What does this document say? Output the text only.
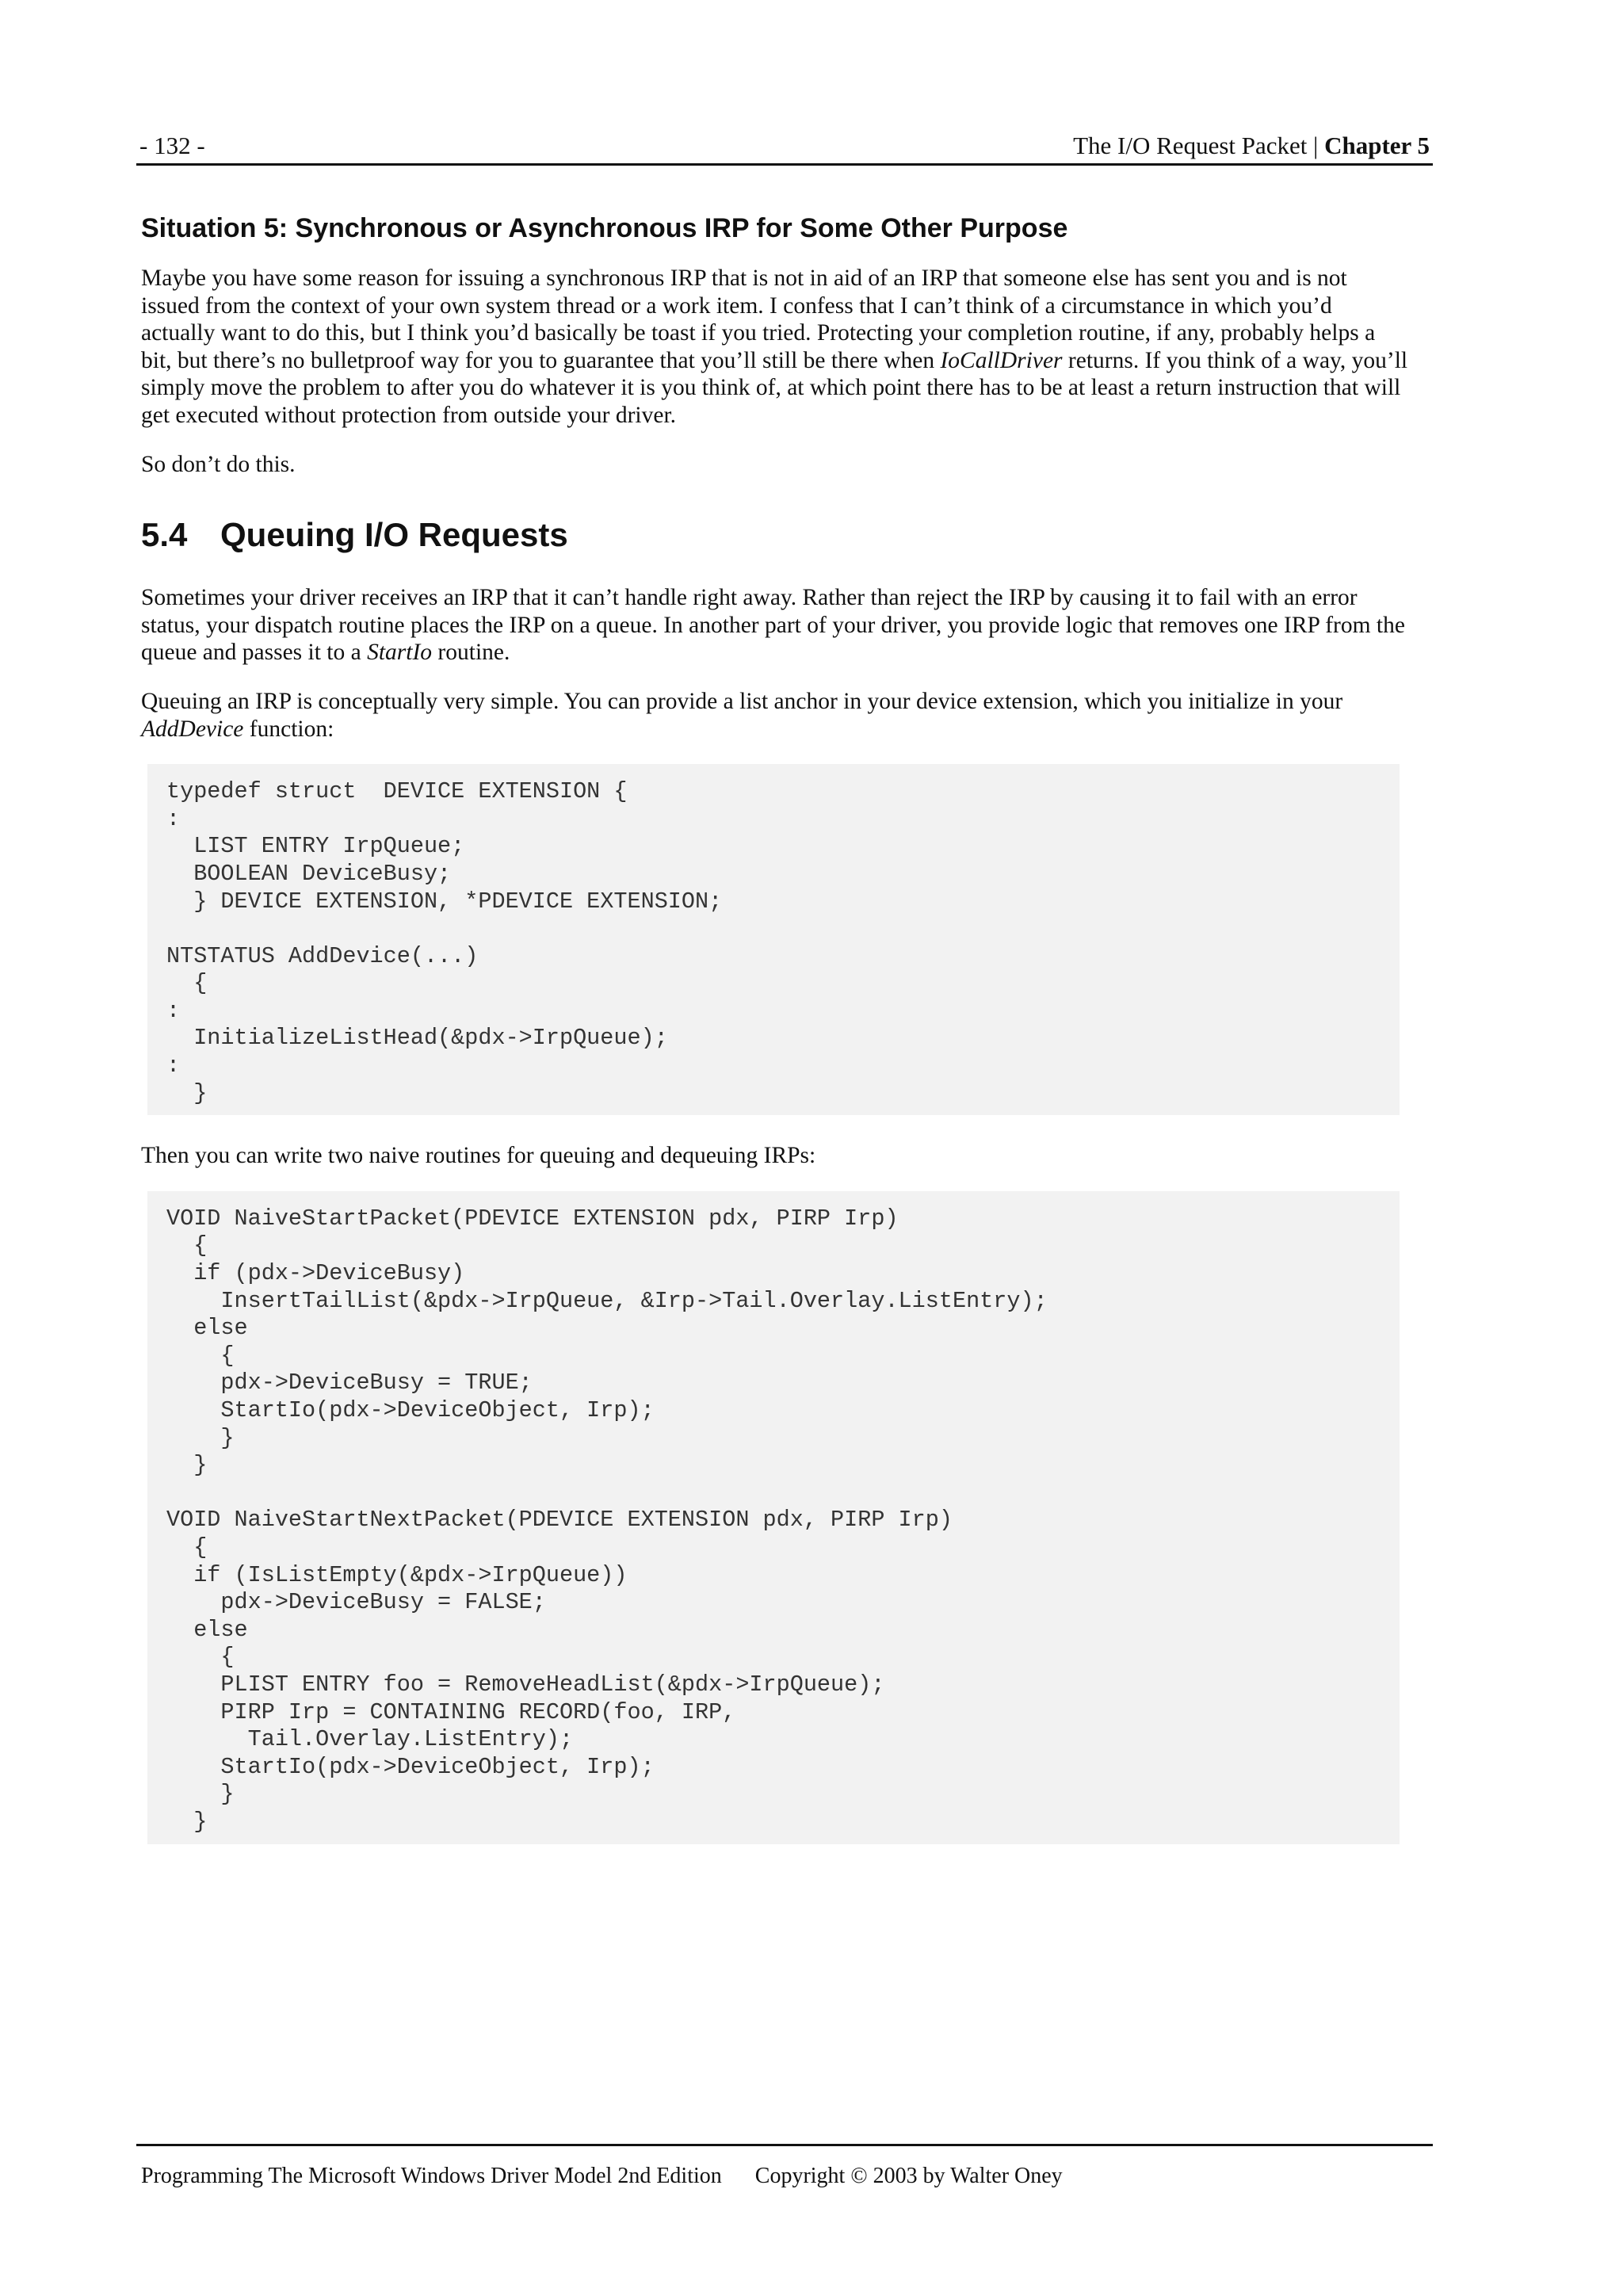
- 132 -	The I/O Request Packet | Chapter 5
Situation 5: Synchronous or Asynchronous IRP for Some Other Purpose

Maybe you have some reason for issuing a synchronous IRP that is not in aid of an IRP that someone else has sent you and is not issued from the context of your own system thread or a work item. I confess that I can’t think of a circumstance in which you’d actually want to do this, but I think you’d basically be toast if you tried. Protecting your completion routine, if any, probably helps a bit, but there’s no bulletproof way for you to guarantee that you’ll still be there when IoCallDriver returns. If you think of a way, you’ll simply move the problem to after you do whatever it is you think of, at which point there has to be at least a return instruction that will get executed without protection from outside your driver.

So don’t do this.

5.4 Queuing I/O Requests

Sometimes your driver receives an IRP that it can’t handle right away. Rather than reject the IRP by causing it to fail with an error status, your dispatch routine places the IRP on a queue. In another part of your driver, you provide logic that removes one IRP from the queue and passes it to a StartIo routine.

Queuing an IRP is conceptually very simple. You can provide a list anchor in your device extension, which you initialize in your AddDevice function:

typedef struct  DEVICE EXTENSION {
:
LIST ENTRY IrpQueue;
BOOLEAN DeviceBusy;
} DEVICE EXTENSION, *PDEVICE EXTENSION;

NTSTATUS AddDevice(...)
{
:
InitializeListHead(&pdx->IrpQueue);
:
}

Then you can write two naive routines for queuing and dequeuing IRPs:

VOID NaiveStartPacket(PDEVICE EXTENSION pdx, PIRP Irp)
{
if (pdx->DeviceBusy)
InsertTailList(&pdx->IrpQueue, &Irp->Tail.Overlay.ListEntry);
else
{
pdx->DeviceBusy = TRUE;
StartIo(pdx->DeviceObject, Irp);
}
}

VOID NaiveStartNextPacket(PDEVICE EXTENSION pdx, PIRP Irp)
{
if (IsListEmpty(&pdx->IrpQueue))
pdx->DeviceBusy = FALSE;
else
{
PLIST ENTRY foo = RemoveHeadList(&pdx->IrpQueue);
PIRP Irp = CONTAINING RECORD(foo, IRP,
Tail.Overlay.ListEntry);
StartIo(pdx->DeviceObject, Irp);
}
}
Programming The Microsoft Windows Driver Model 2nd Edition Copyright © 2003 by Walter Oney
